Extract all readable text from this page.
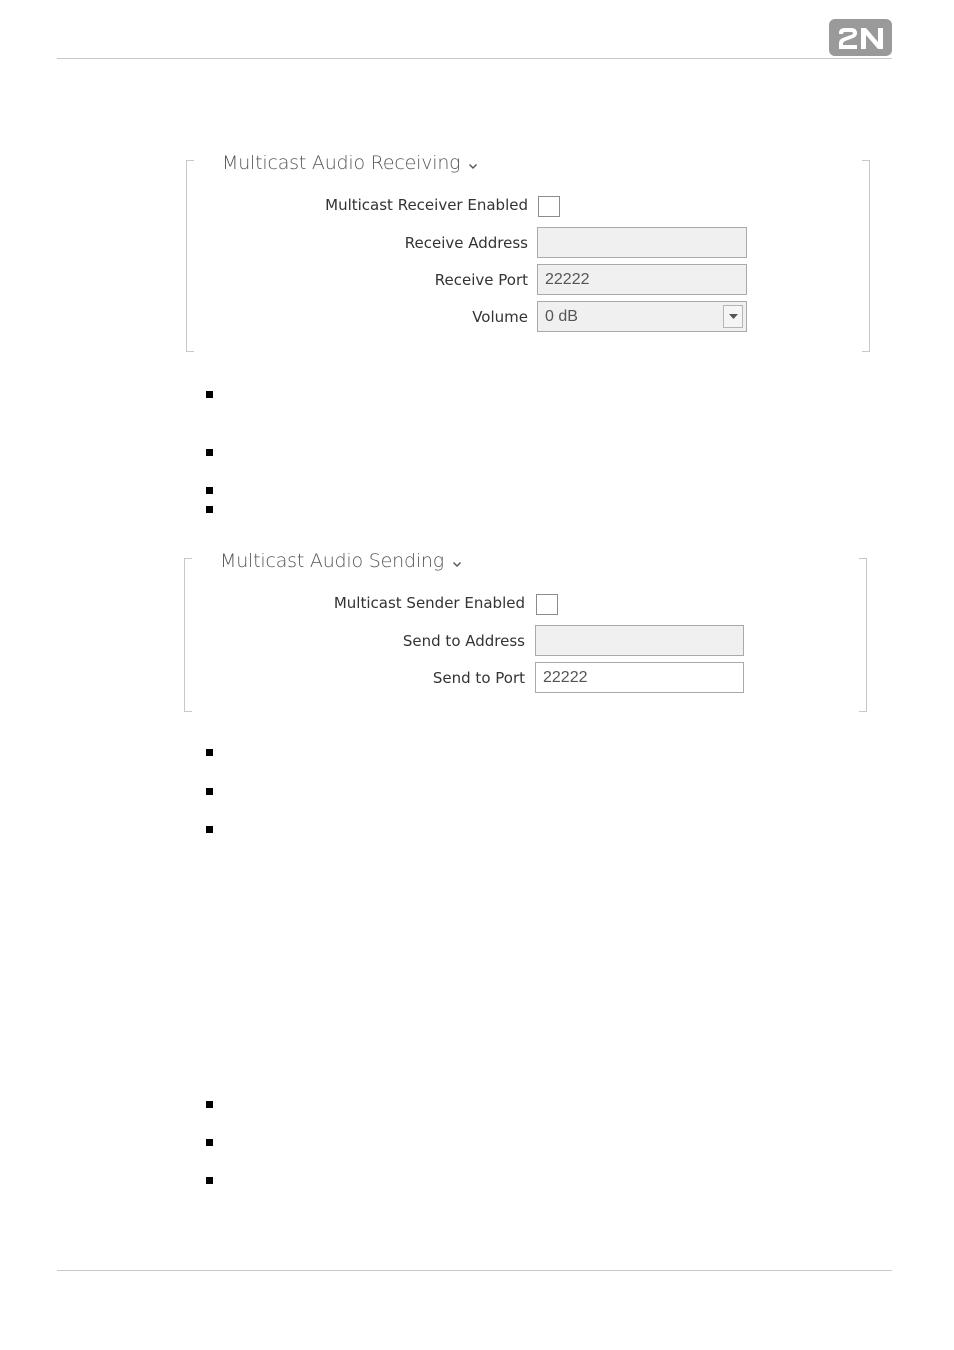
Multicast Audio Receiving
Multicast Receiver Enabled
Receive Address
Receive Port	22222
Volume	0 dB
Multicast Audio Sending
Multicast Sender Enabled
Send to Address
Send to Port	22222
